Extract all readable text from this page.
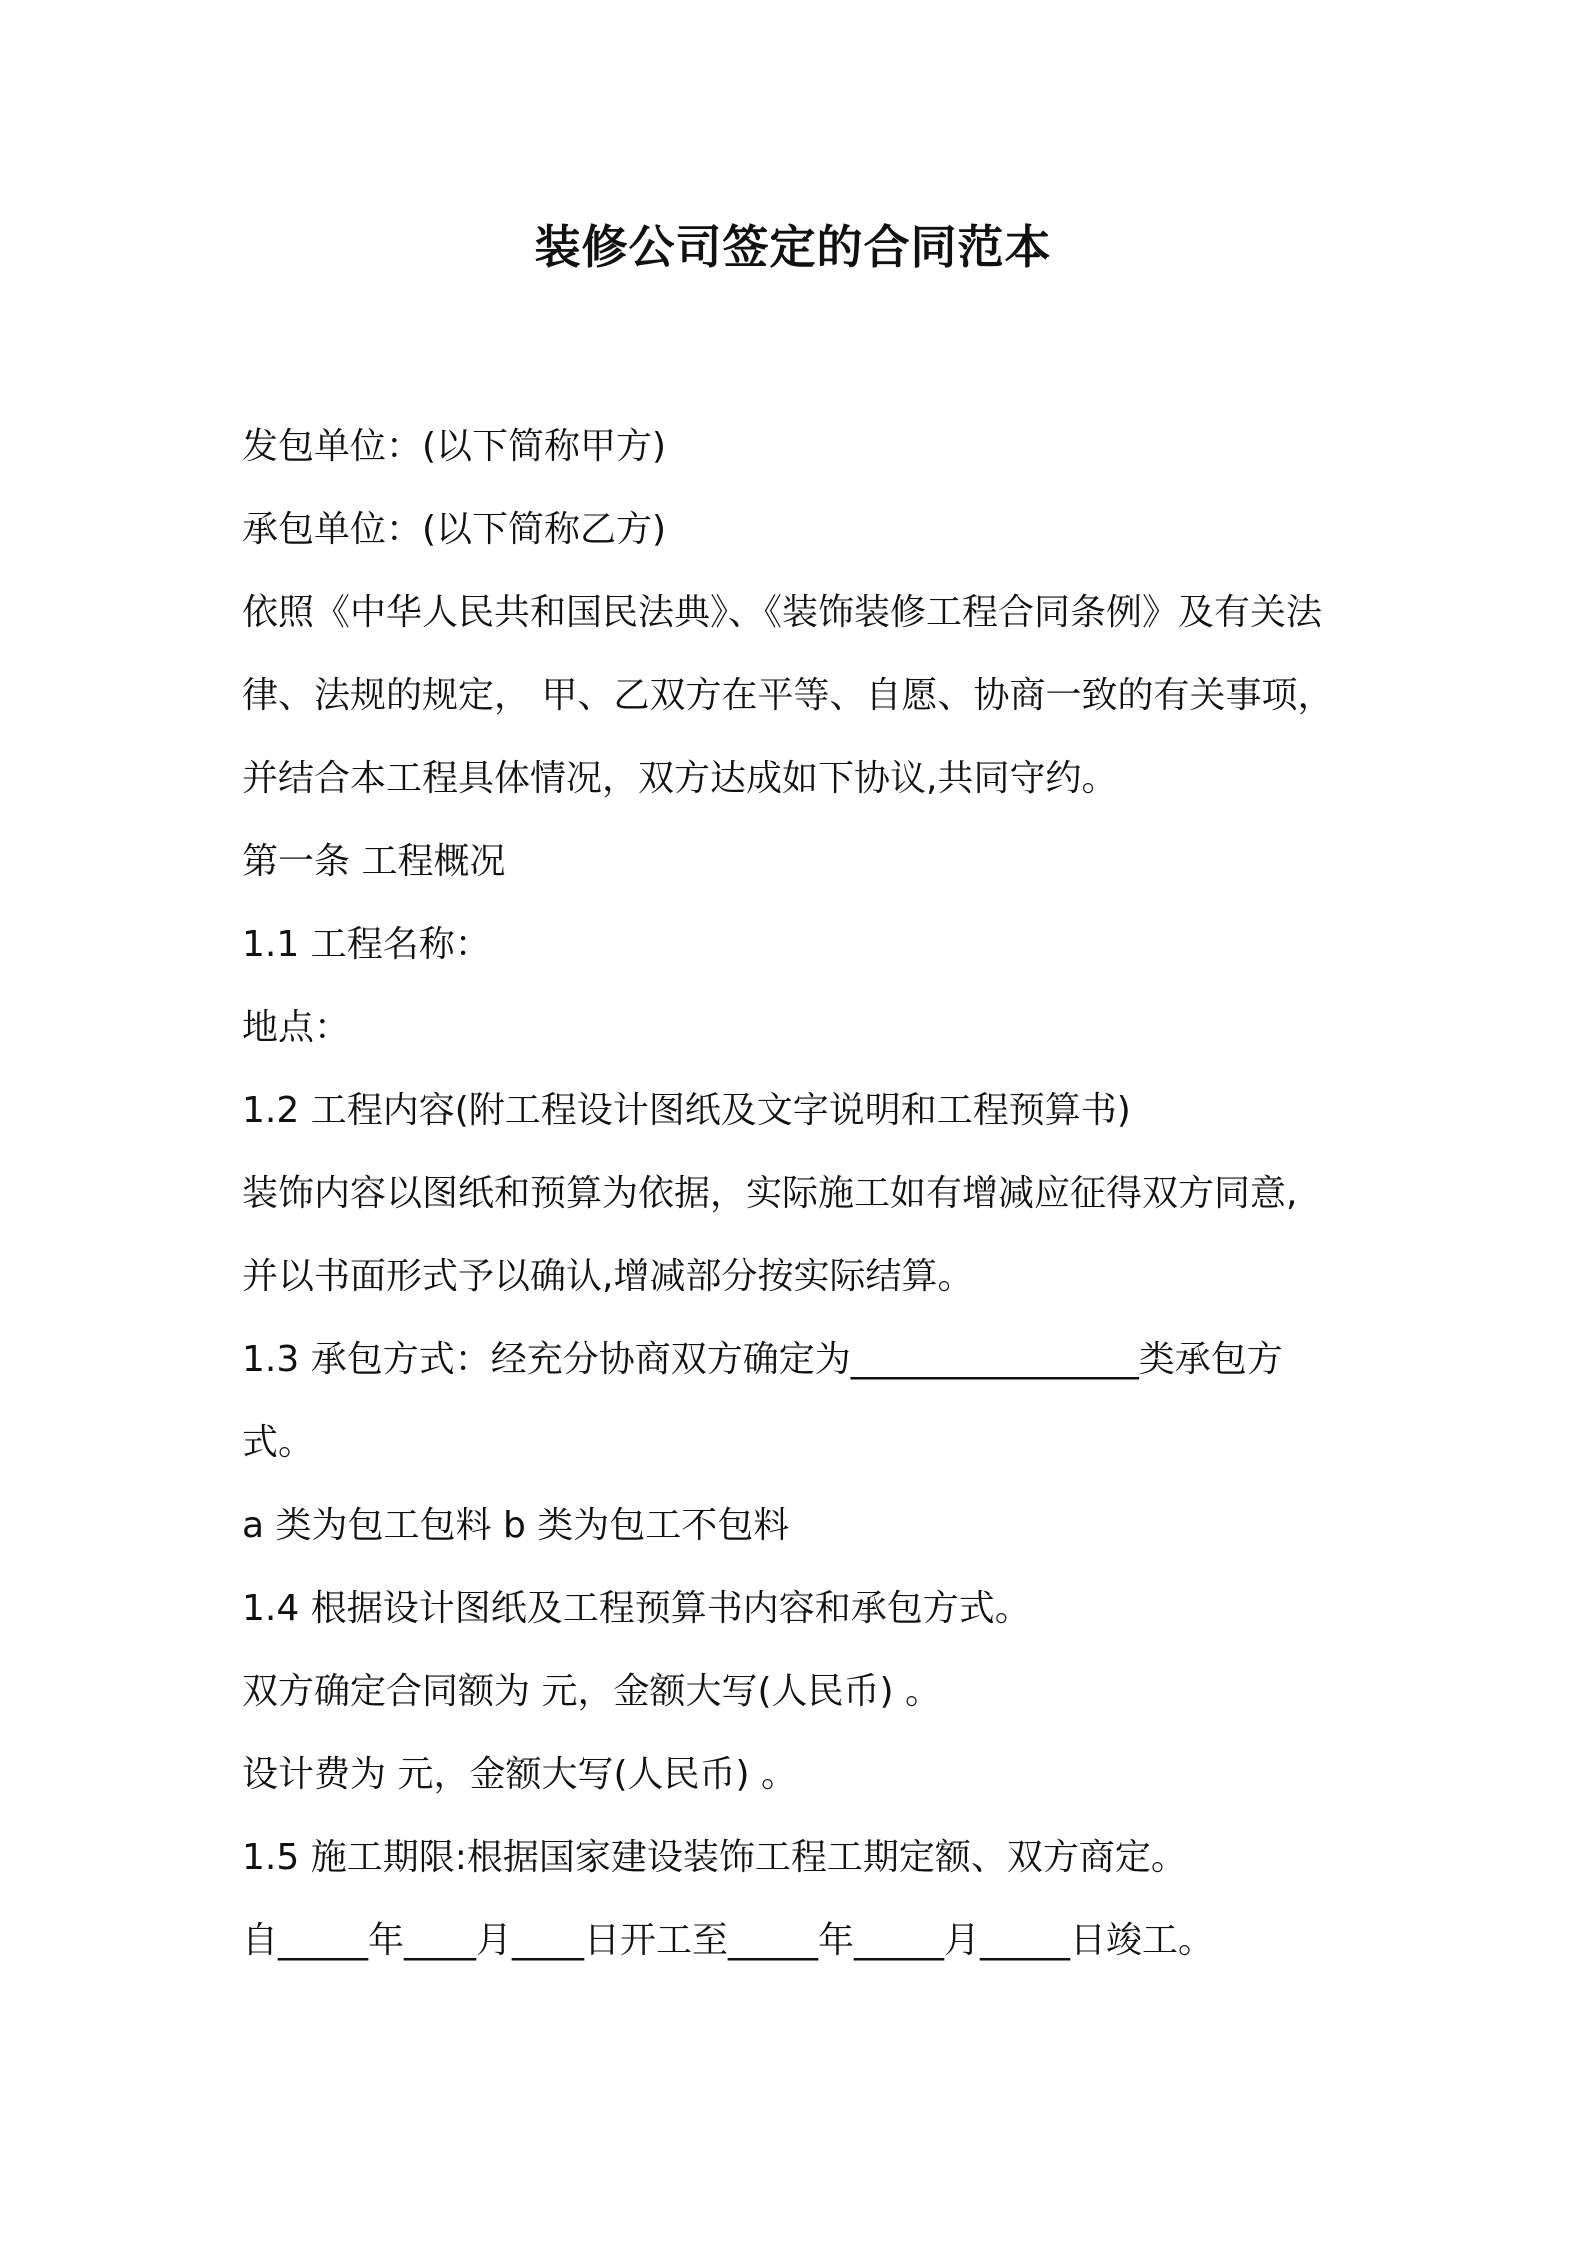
装修公司签定的合同范本
发包单位：(以下简称甲方)
承包单位：(以下简称乙方)
依照《中华人民共和国民法典》、《装饰装修工程合同条例》及有关法
律、法规的规定， 甲、乙双方在平等、自愿、协商一致的有关事项，
并结合本工程具体情况，双方达成如下协议,共同守约。
第一条 工程概况
1.1 工程名称：
地点：
1.2 工程内容(附工程设计图纸及文字说明和工程预算书)
装饰内容以图纸和预算为依据，实际施工如有增减应征得双方同意,
并以书面形式予以确认,增减部分按实际结算。
1.3 承包方式：经充分协商双方确定为________________类承包方
式。
a 类为包工包料 b 类为包工不包料
1.4 根据设计图纸及工程预算书内容和承包方式。
双方确定合同额为 元，金额大写(人民币) 。
设计费为 元，金额大写(人民币) 。
1.5 施工期限:根据国家建设装饰工程工期定额、双方商定。
自_____年____月____日开工至_____年_____月_____日竣工。
